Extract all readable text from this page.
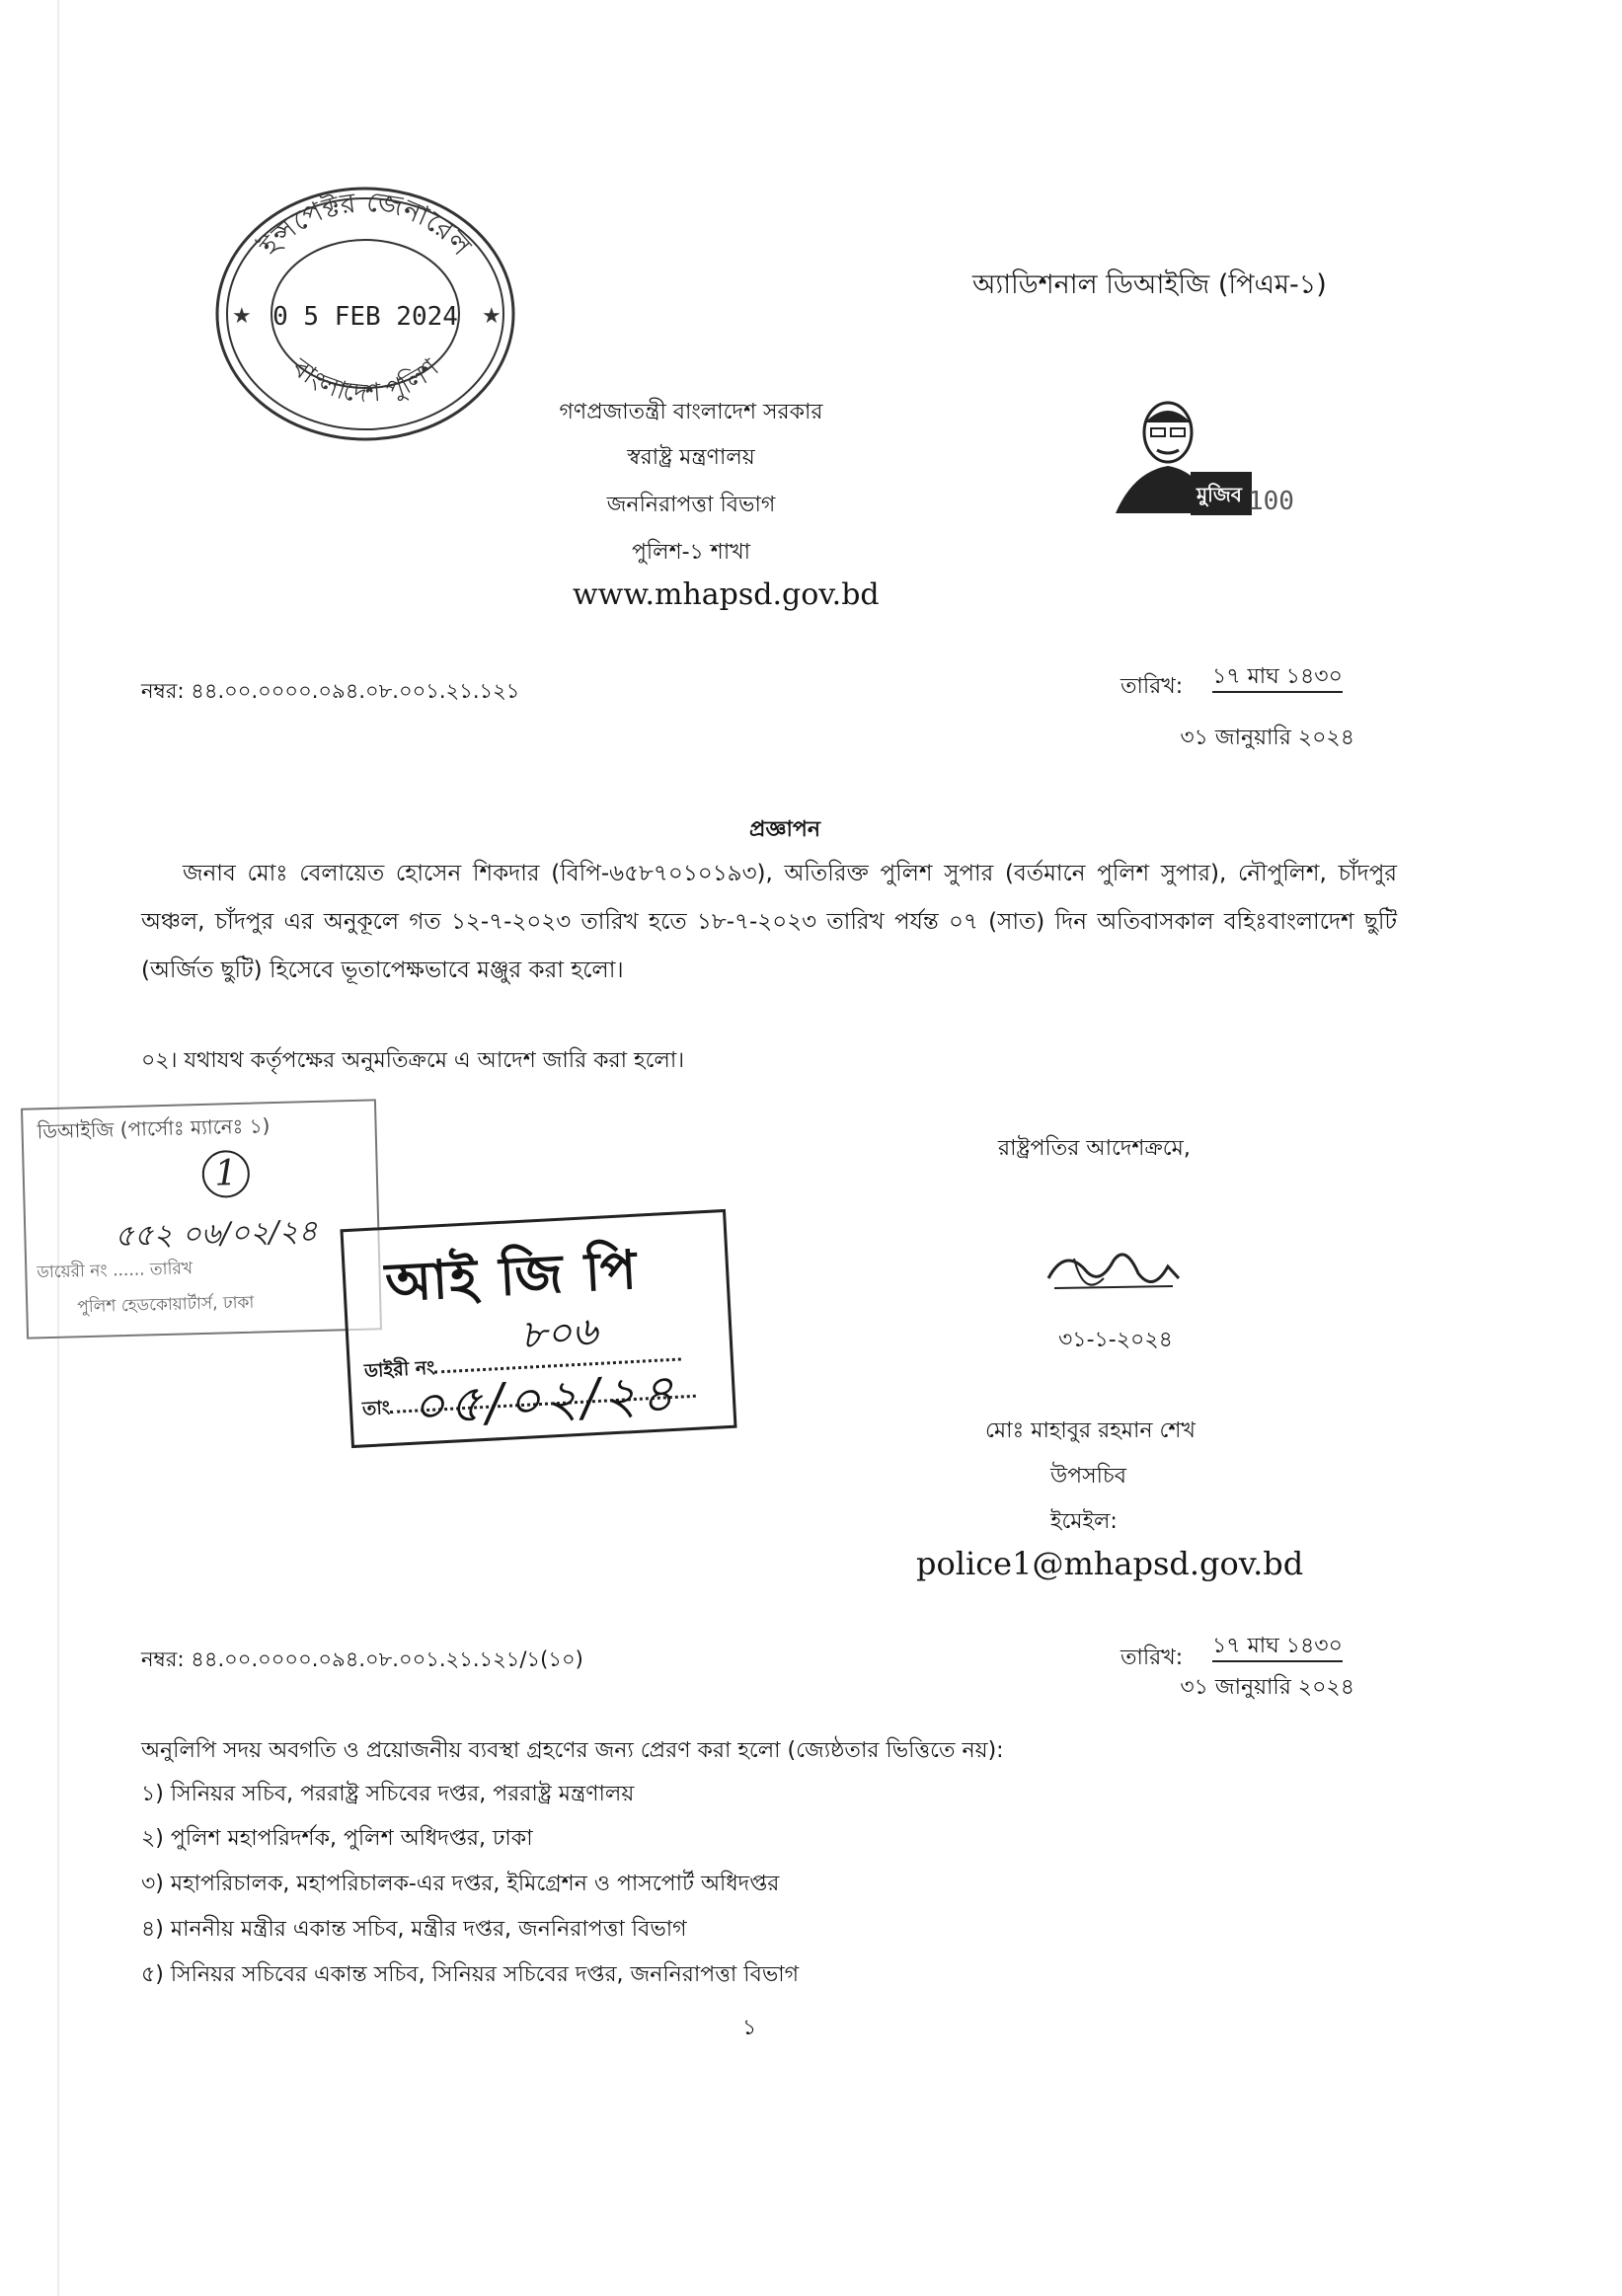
ইন্সপেক্টর জেনারেল
বাংলাদেশ পুলিশ
0 5 FEB 2024
★	★
অ্যাডিশনাল ডিআইজি (পিএম-১)
মুজিব 100
গণপ্রজাতন্ত্রী বাংলাদেশ সরকার
স্বরাষ্ট্র মন্ত্রণালয়
জননিরাপত্তা বিভাগ
পুলিশ-১ শাখা
www.mhapsd.gov.bd
নম্বর: ৪৪.০০.০০০০.০৯৪.০৮.০০১.২১.১২১	তারিখ: ১৭ মাঘ ১৪৩০
৩১ জানুয়ারি ২০২৪
প্রজ্ঞাপন
জনাব মোঃ বেলায়েত হোসেন শিকদার (বিপি-৬৫৮৭০১০১৯৩), অতিরিক্ত পুলিশ সুপার (বর্তমানে পুলিশ সুপার), নৌপুলিশ, চাঁদপুর অঞ্চল, চাঁদপুর এর অনুকূলে গত ১২-৭-২০২৩ তারিখ হতে ১৮-৭-২০২৩ তারিখ পর্যন্ত ০৭ (সাত) দিন অতিবাসকাল বহিঃবাংলাদেশ ছুটি (অর্জিত ছুটি) হিসেবে ভূতাপেক্ষভাবে মঞ্জুর করা হলো।
০২। যথাযথ কর্তৃপক্ষের অনুমতিক্রমে এ আদেশ জারি করা হলো।
ডিআইজি (পার্সোঃ ম্যানেঃ ১)
1
৫৫২ ০৬/০২/২৪
ডায়েরী নং ...... তারিখ
পুলিশ হেডকোয়ার্টার্স, ঢাকা আই জি পি
৮০৬
ডাইরী নং
তাং ০৫/০২/২৪
রাষ্ট্রপতির আদেশক্রমে,
৩১-১-২০২৪
মোঃ মাহাবুর রহমান শেখ
উপসচিব
ইমেইল:
police1@mhapsd.gov.bd
নম্বর: ৪৪.০০.০০০০.০৯৪.০৮.০০১.২১.১২১/১(১০)	তারিখ: ১৭ মাঘ ১৪৩০
৩১ জানুয়ারি ২০২৪
অনুলিপি সদয় অবগতি ও প্রয়োজনীয় ব্যবস্থা গ্রহণের জন্য প্রেরণ করা হলো (জ্যেষ্ঠতার ভিত্তিতে নয়):
১) সিনিয়র সচিব, পররাষ্ট্র সচিবের দপ্তর, পররাষ্ট্র মন্ত্রণালয়
২) পুলিশ মহাপরিদর্শক, পুলিশ অধিদপ্তর, ঢাকা
৩) মহাপরিচালক, মহাপরিচালক-এর দপ্তর, ইমিগ্রেশন ও পাসপোর্ট অধিদপ্তর
৪) মাননীয় মন্ত্রীর একান্ত সচিব, মন্ত্রীর দপ্তর, জননিরাপত্তা বিভাগ
৫) সিনিয়র সচিবের একান্ত সচিব, সিনিয়র সচিবের দপ্তর, জননিরাপত্তা বিভাগ
১
